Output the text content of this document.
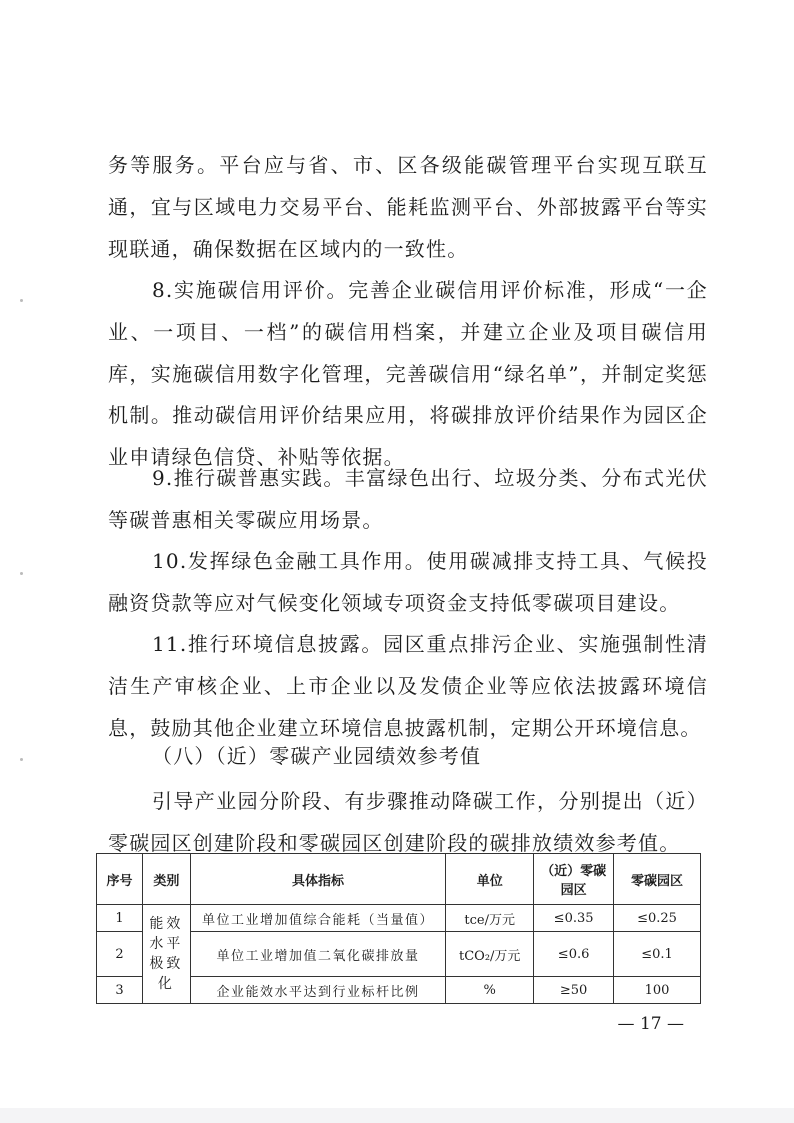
务等服务。平台应与省、市、区各级能碳管理平台实现互联互通，宜与区域电力交易平台、能耗监测平台、外部披露平台等实现联通，确保数据在区域内的一致性。

8.实施碳信用评价。完善企业碳信用评价标准，形成“一企业、一项目、一档”的碳信用档案，并建立企业及项目碳信用库，实施碳信用数字化管理，完善碳信用“绿名单”，并制定奖惩机制。推动碳信用评价结果应用，将碳排放评价结果作为园区企业申请绿色信贷、补贴等依据。

9.推行碳普惠实践。丰富绿色出行、垃圾分类、分布式光伏等碳普惠相关零碳应用场景。

10.发挥绿色金融工具作用。使用碳减排支持工具、气候投融资贷款等应对气候变化领域专项资金支持低零碳项目建设。

11.推行环境信息披露。园区重点排污企业、实施强制性清洁生产审核企业、上市企业以及发债企业等应依法披露环境信息，鼓励其他企业建立环境信息披露机制，定期公开环境信息。

（八）（近）零碳产业园绩效参考值

引导产业园分阶段、有步骤推动降碳工作，分别提出（近）零碳园区创建阶段和零碳园区创建阶段的碳排放绩效参考值。

序号	类别	具体指标	单位	（近）零碳园区	零碳园区
1	能效水平极致化	单位工业增加值综合能耗（当量值）	tce/万元	≤0.35	≤0.25
2		单位工业增加值二氧化碳排放量	tCO₂/万元	≤0.6	≤0.1
3		企业能效水平达到行业标杆比例	%	≥50	100
— 17 —
